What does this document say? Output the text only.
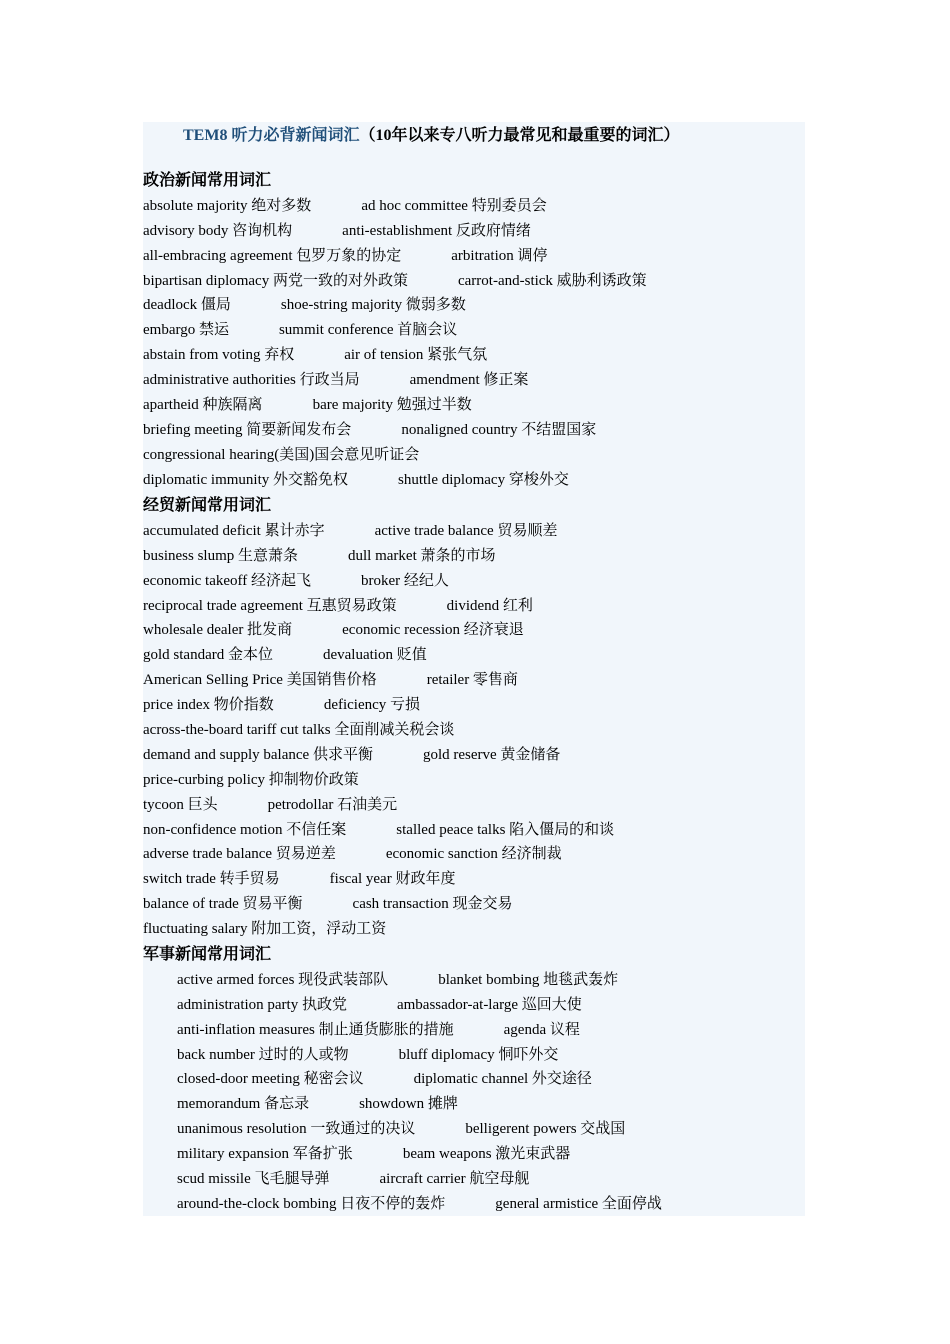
TEM8 听力必背新闻词汇（10年以来专八听力最常见和最重要的词汇）
政治新闻常用词汇
absolute majority 绝对多数	ad hoc committee 特别委员会
advisory body 咨询机构	anti-establishment 反政府情绪
all-embracing agreement 包罗万象的协定	arbitration 调停
bipartisan diplomacy 两党一致的对外政策	carrot-and-stick 威胁利诱政策
deadlock 僵局	shoe-string majority 微弱多数
embargo 禁运	summit conference 首脑会议
abstain from voting 弃权	air of tension 紧张气氛
administrative authorities 行政当局	amendment 修正案
apartheid 种族隔离	bare majority 勉强过半数
briefing meeting 简要新闻发布会	nonaligned country 不结盟国家
congressional hearing(美国)国会意见听证会
diplomatic immunity 外交豁免权	shuttle diplomacy 穿梭外交
经贸新闻常用词汇
accumulated deficit 累计赤字	active trade balance 贸易顺差
business slump 生意萧条	dull market 萧条的市场
economic takeoff 经济起飞	broker 经纪人
reciprocal trade agreement 互惠贸易政策	dividend 红利
wholesale dealer 批发商	economic recession 经济衰退
gold standard 金本位	devaluation 贬值
American Selling Price 美国销售价格	retailer 零售商
price index 物价指数	deficiency 亏损
across-the-board tariff cut talks 全面削减关税会谈
demand and supply balance 供求平衡	gold reserve 黄金储备
price-curbing policy 抑制物价政策
tycoon 巨头	petrodollar 石油美元
non-confidence motion 不信任案	stalled peace talks 陷入僵局的和谈
adverse trade balance 贸易逆差	economic sanction 经济制裁
switch trade 转手贸易	fiscal year 财政年度
balance of trade 贸易平衡	cash transaction 现金交易
fluctuating salary 附加工资，浮动工资
军事新闻常用词汇
active armed forces 现役武装部队	blanket bombing 地毯武轰炸
administration party 执政党	ambassador-at-large 巡回大使
anti-inflation measures 制止通货膨胀的措施	agenda 议程
back number 过时的人或物	bluff diplomacy 恫吓外交
closed-door meeting 秘密会议	diplomatic channel 外交途径
memorandum 备忘录	showdown 摊牌
unanimous resolution 一致通过的决议	belligerent powers 交战国
military expansion 军备扩张	beam weapons 激光束武器
scud missile 飞毛腿导弹	aircraft carrier 航空母舰
around-the-clock bombing 日夜不停的轰炸	general armistice 全面停战
